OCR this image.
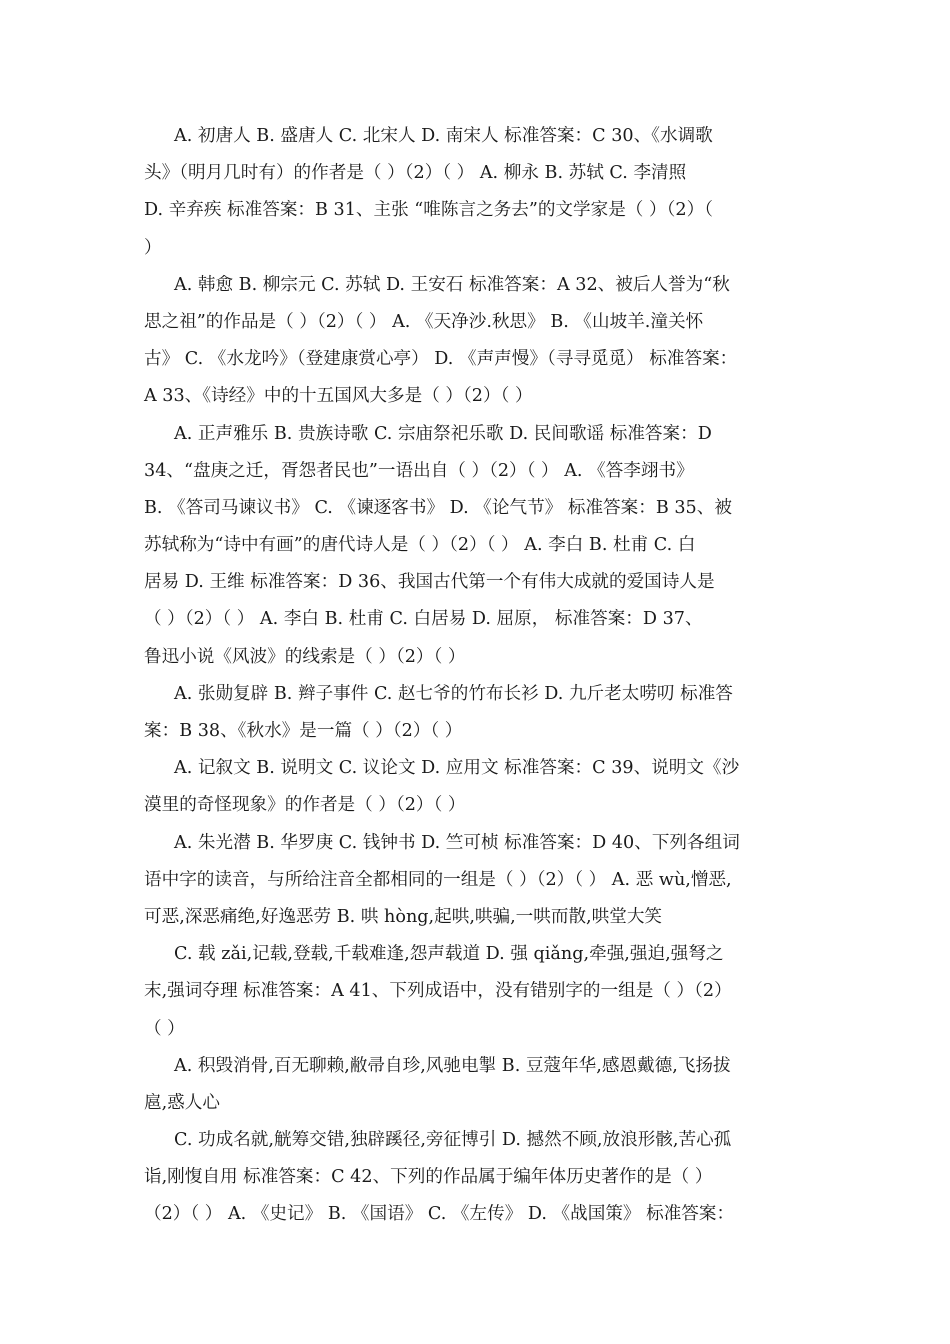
A. 初唐人 B. 盛唐人 C. 北宋人 D. 南宋人 标准答案：C 30、《水调歌
头》（明月几时有）的作者是（ ）（2）（ ） A. 柳永 B. 苏轼 C. 李清照
D. 辛弃疾 标准答案：B 31、主张 “唯陈言之务去”的文学家是（ ）（2）（
）
A. 韩愈 B. 柳宗元 C. 苏轼 D. 王安石 标准答案：A 32、被后人誉为“秋
思之祖”的作品是（ ）（2）（ ） A. 《天净沙.秋思》 B. 《山坡羊.潼关怀
古》 C. 《水龙吟》（登建康赏心亭） D. 《声声慢》（寻寻觅觅） 标准答案：
A 33、《诗经》中的十五国风大多是（ ）（2）（ ）
A. 正声雅乐 B. 贵族诗歌 C. 宗庙祭祀乐歌 D. 民间歌谣 标准答案：D
34、“盘庚之迁，胥怨者民也”一语出自（ ）（2）（ ） A. 《答李翊书》
B. 《答司马谏议书》 C. 《谏逐客书》 D. 《论气节》 标准答案：B 35、被
苏轼称为“诗中有画”的唐代诗人是（ ）（2）（ ） A. 李白 B. 杜甫 C. 白
居易 D. 王维 标准答案：D 36、我国古代第一个有伟大成就的爱国诗人是
（ ）（2）（ ） A. 李白 B. 杜甫 C. 白居易 D. 屈原， 标准答案：D 37、
鲁迅小说《风波》的线索是（ ）（2）（ ）
A. 张勋复辟 B. 辫子事件 C. 赵七爷的竹布长衫 D. 九斤老太唠叨 标准答
案：B 38、《秋水》是一篇（ ）（2）（ ）
A. 记叙文 B. 说明文 C. 议论文 D. 应用文 标准答案：C 39、说明文《沙
漠里的奇怪现象》的作者是（ ）（2）（ ）
A. 朱光潜 B. 华罗庚 C. 钱钟书 D. 竺可桢 标准答案：D 40、下列各组词
语中字的读音，与所给注音全都相同的一组是（ ）（2）（ ） A. 恶 wù,憎恶,
可恶,深恶痛绝,好逸恶劳 B. 哄 hòng,起哄,哄骗,一哄而散,哄堂大笑
C. 载 zǎi,记载,登载,千载难逢,怨声载道 D. 强 qiǎng,牵强,强迫,强弩之
末,强词夺理 标准答案：A 41、下列成语中，没有错别字的一组是（ ）（2）
（ ）
A. 积毁消骨,百无聊赖,敝帚自珍,风驰电掣 B. 豆蔻年华,感恩戴德,飞扬拔
扈,惑人心
C. 功成名就,觥筹交错,独辟蹊径,旁征博引 D. 撼然不顾,放浪形骸,苦心孤
诣,刚愎自用 标准答案：C 42、下列的作品属于编年体历史著作的是（ ）
（2）（ ） A. 《史记》 B. 《国语》 C. 《左传》 D. 《战国策》 标准答案：
